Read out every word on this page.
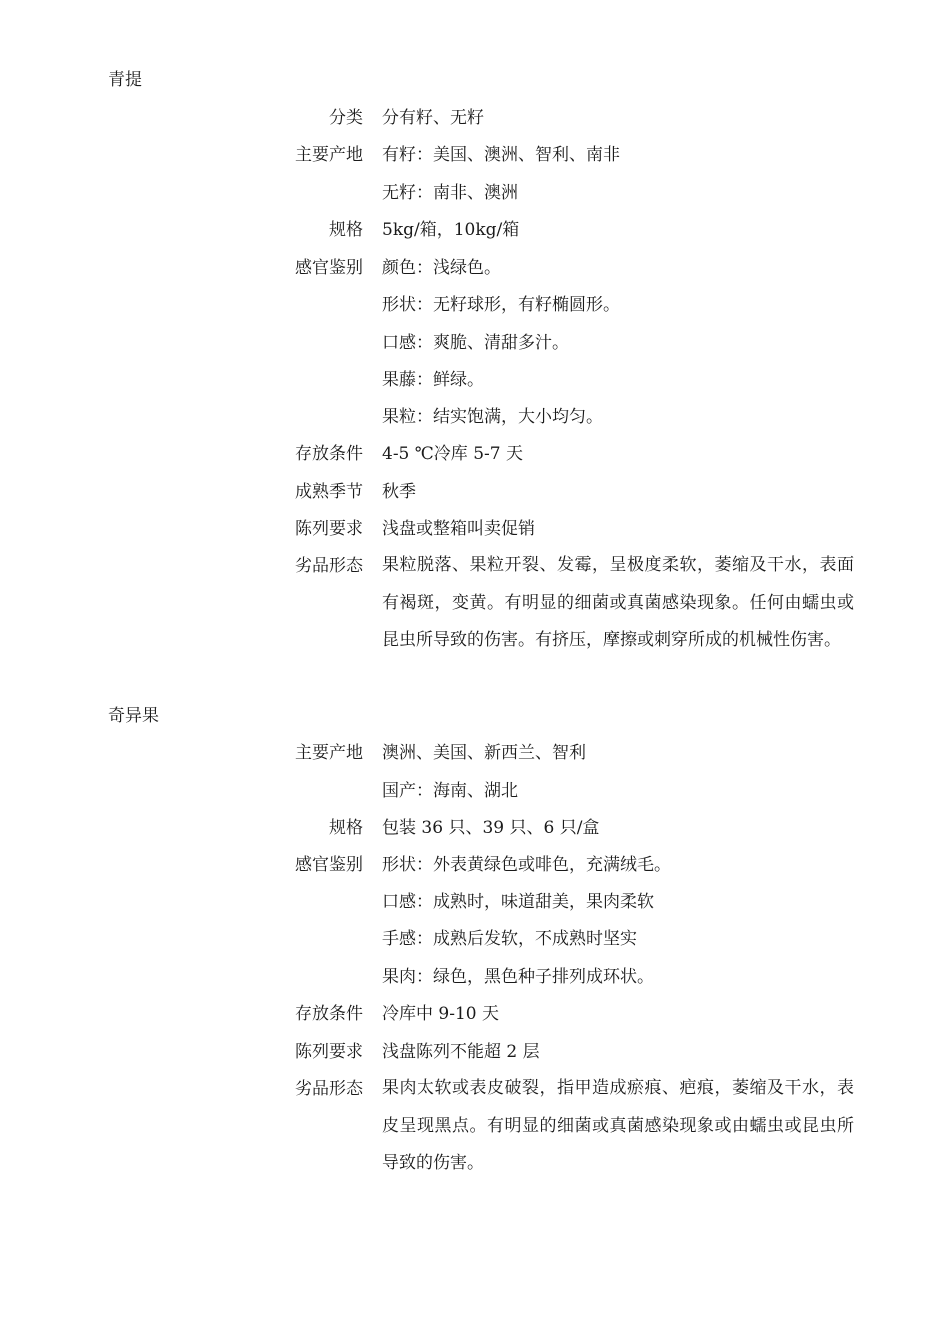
青提
分类 分有籽、无籽
主要产地 有籽：美国、澳洲、智利、南非
无籽：南非、澳洲
规格 5kg/箱，10kg/箱
感官鉴别 颜色：浅绿色。
形状：无籽球形，有籽椭圆形。
口感：爽脆、清甜多汁。
果藤：鲜绿。
果粒：结实饱满，大小均匀。
存放条件 4-5 ℃冷库 5-7 天
成熟季节 秋季
陈列要求 浅盘或整箱叫卖促销
劣品形态 果粒脱落、果粒开裂、发霉，呈极度柔软，萎缩及干水，表面有褐斑，变黄。有明显的细菌或真菌感染现象。任何由蠕虫或昆虫所导致的伤害。有挤压，摩擦或刺穿所成的机械性伤害。
奇异果
主要产地 澳洲、美国、新西兰、智利
国产：海南、湖北
规格 包装 36 只、39 只、6 只/盒
感官鉴别 形状：外表黄绿色或啡色，充满绒毛。
口感：成熟时，味道甜美，果肉柔软
手感：成熟后发软，不成熟时坚实
果肉：绿色，黑色种子排列成环状。
存放条件 冷库中 9-10 天
陈列要求 浅盘陈列不能超 2 层
劣品形态 果肉太软或表皮破裂，指甲造成瘀痕、疤痕，萎缩及干水，表皮呈现黑点。有明显的细菌或真菌感染现象或由蠕虫或昆虫所导致的伤害。
